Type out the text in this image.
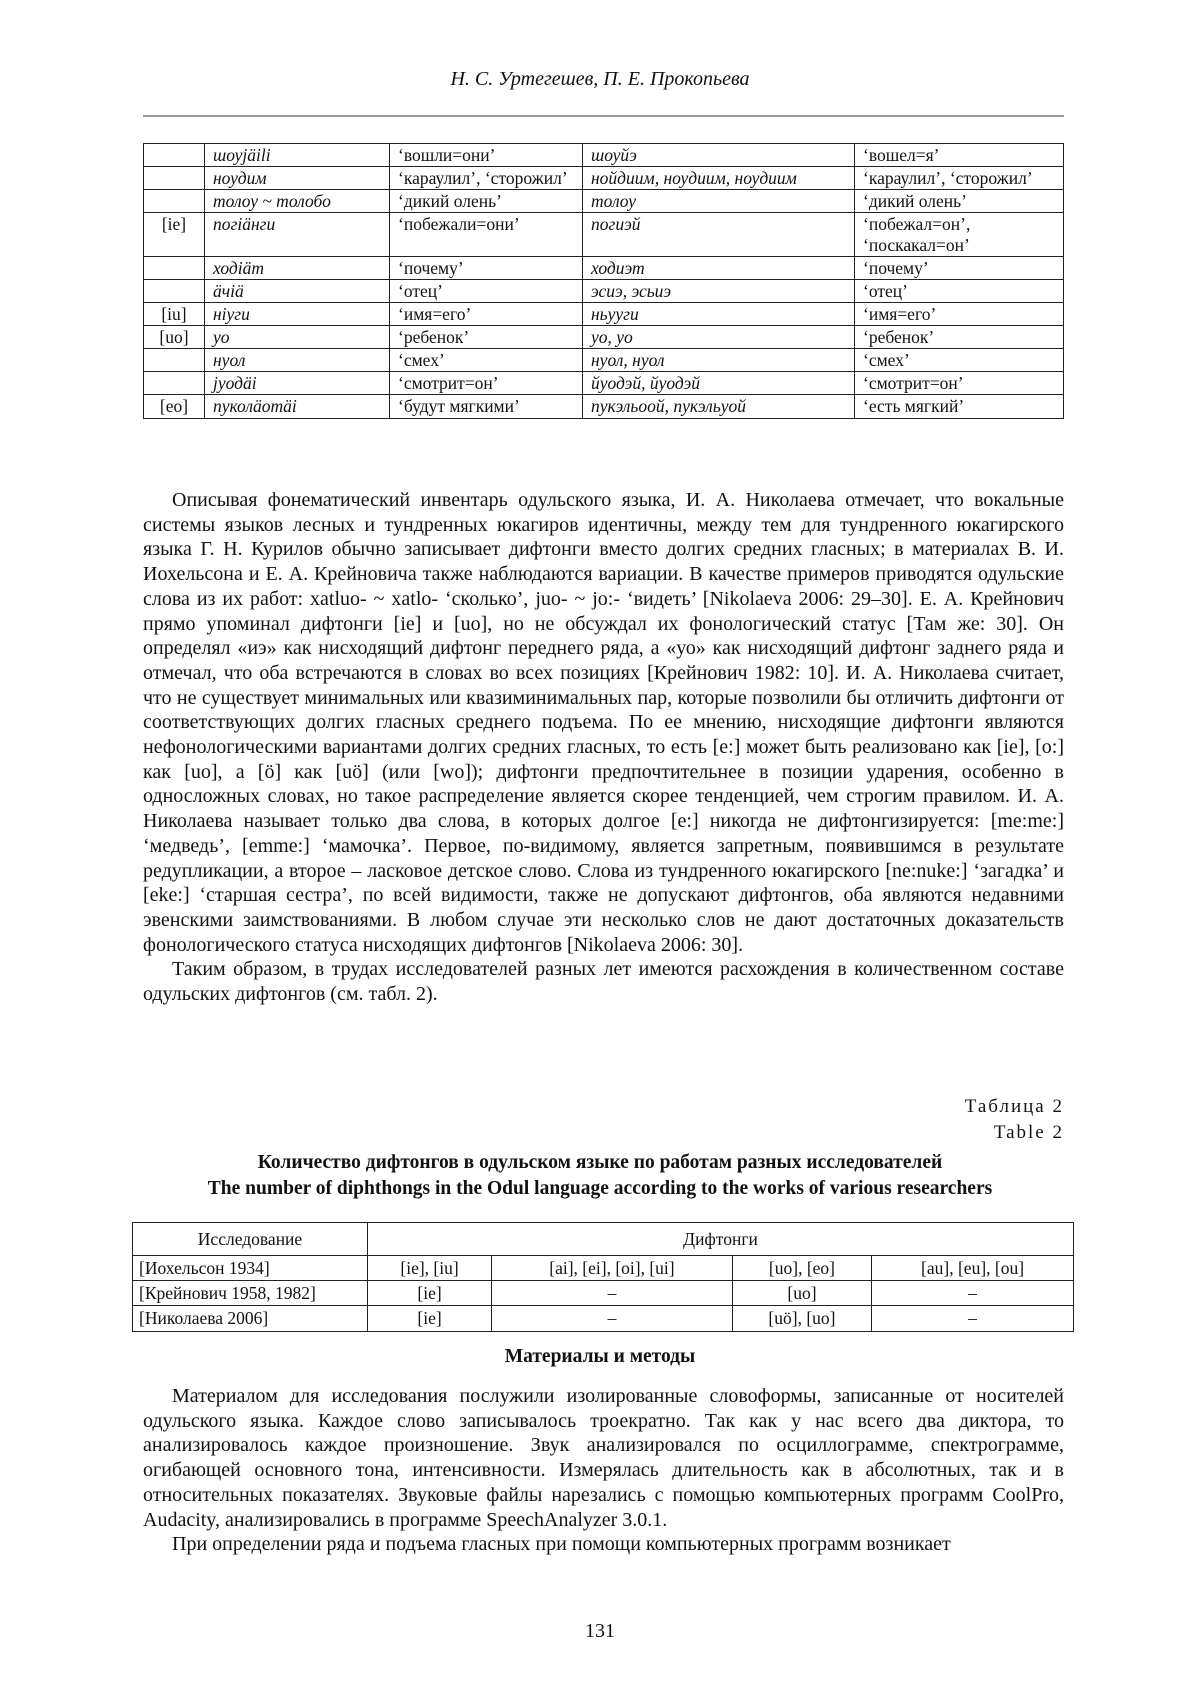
Н. С. Уртегешев, П. Е. Прокопьева
	шоуjäili	‘вошли=они’	шоуйэ	‘вошел=я’
	ноудим	‘караулил’, ‘сторожил’	нойдиим, ноудиим, ноудиим	‘караулил’, ‘сторожил’
	толоу ~ толобо	‘дикий олень’	толоу	‘дикий олень’
[ie]	погiäнги	‘побежали=они’	погиэй	‘побежал=он’, ‘поскакал=он’
	ходiäт	‘почему’	ходиэт	‘почему’
	äчiä	‘отец’	эсиэ, эсьиэ	‘отец’
[iu]	нiуги	‘имя=его’	ньууги	‘имя=его’
[uo]	уо	‘ребенок’	уо, уо	‘ребенок’
	нуол	‘смех’	нуол, нуол	‘смех’
	jуодäi	‘смотрит=он’	йуодэй, йуодэй	‘смотрит=он’
[eo]	пуколäотäi	‘будут мягкими’	пукэльоой, пукэльуой	‘есть мягкий’

Описывая фонематический инвентарь одульского языка, И. А. Николаева отмечает, что вокальные системы языков лесных и тундренных юкагиров идентичны, между тем для тундренного юкагирского языка Г. Н. Курилов обычно записывает дифтонги вместо долгих средних гласных; в материалах В. И. Иохельсона и Е. А. Крейновича также наблюдаются вариации. В качестве примеров приводятся одульские слова из их работ: xatluo- ~ xatlo- ‘сколько’, juo- ~ jo:- ‘видеть’ [Nikolaeva 2006: 29–30]. Е. А. Крейнович прямо упоминал дифтонги [ie] и [uo], но не обсуждал их фонологический статус [Там же: 30]. Он определял «иэ» как нисходящий дифтонг переднего ряда, а «уо» как нисходящий дифтонг заднего ряда и отмечал, что оба встречаются в словах во всех позициях [Крейнович 1982: 10]. И. А. Николаева считает, что не существует минимальных или квазиминимальных пар, которые позволили бы отличить дифтонги от соответствующих долгих гласных среднего подъема. По ее мнению, нисходящие дифтонги являются нефонологическими вариантами долгих средних гласных, то есть [e:] может быть реализовано как [ie], [o:] как [uo], а [ö] как [uö] (или [wo]); дифтонги предпочтительнее в позиции ударения, особенно в односложных словах, но такое распределение является скорее тенденцией, чем строгим правилом. И. А. Николаева называет только два слова, в которых долгое [e:] никогда не дифтонгизируется: [me:me:] ‘медведь’, [emme:] ‘мамочка’. Первое, по-видимому, является запретным, появившимся в результате редупликации, а второе – ласковое детское слово. Слова из тундренного юкагирского [ne:nuke:] ‘загадка’ и [eke:] ‘старшая сестра’, по всей видимости, также не допускают дифтонгов, оба являются недавними эвенскими заимствованиями. В любом случае эти несколько слов не дают достаточных доказательств фонологического статуса нисходящих дифтонгов [Nikolaeva 2006: 30].

Таким образом, в трудах исследователей разных лет имеются расхождения в количественном составе одульских дифтонгов (см. табл. 2).

Таблица 2
Table 2
Количество дифтонгов в одульском языке по работам разных исследователей
The number of diphthongs in the Odul language according to the works of various researchers
Исследование	Дифтонги			
[Иохельсон 1934]	[ie], [iu]	[ai], [ei], [oi], [ui]	[uo], [eo]	[au], [eu], [ou]
[Крейнович 1958, 1982]	[ie]	–	[uo]	–
[Николаева 2006]	[ie]	–	[uö], [uo]	–
Материалы и методы

Материалом для исследования послужили изолированные словоформы, записанные от носителей одульского языка. Каждое слово записывалось троекратно. Так как у нас всего два диктора, то анализировалось каждое произношение. Звук анализировался по осциллограмме, спектрограмме, огибающей основного тона, интенсивности. Измерялась длительность как в абсолютных, так и в относительных показателях. Звуковые файлы нарезались с помощью компьютерных программ CoolPro, Audacity, анализировались в программе SpeechAnalyzer 3.0.1.

При определении ряда и подъема гласных при помощи компьютерных программ возникает

131
